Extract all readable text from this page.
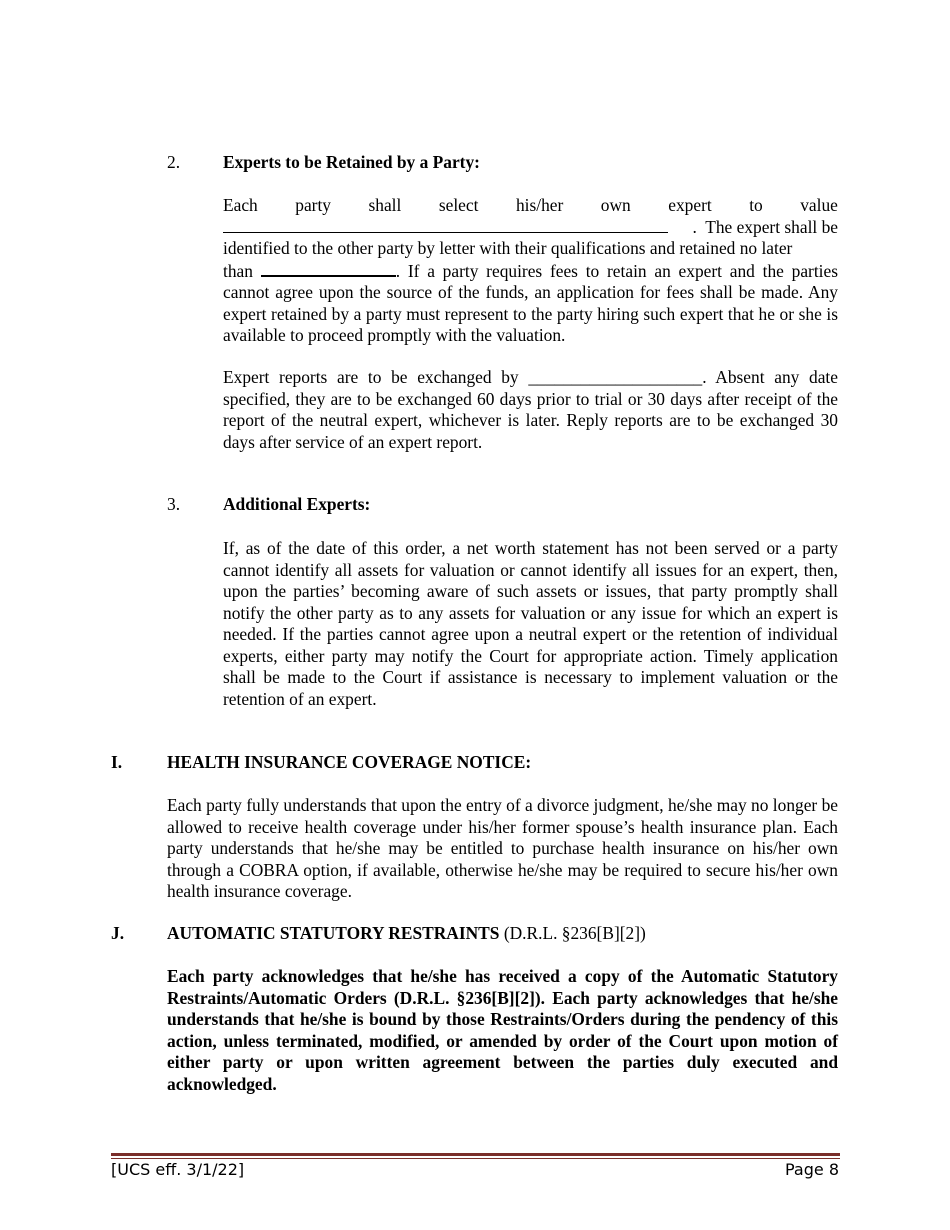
2. Experts to be Retained by a Party:
Each party shall select his/her own expert to value
.  The expert shall be
identified to the other party by letter with their qualifications and retained no later
than	. If a party requires fees to retain an expert and the parties
cannot agree upon the source of the funds, an application for fees shall be made. Any expert retained by a party must represent to the party hiring such expert that he or she is available to proceed promptly with the valuation.
Expert reports are to be exchanged by ____________________. Absent any date
specified, they are to be exchanged 60 days prior to trial or 30 days after receipt of the report of the neutral expert, whichever is later. Reply reports are to be exchanged 30 days after service of an expert report.
3. Additional Experts:
If, as of the date of this order, a net worth statement has not been served or a party cannot identify all assets for valuation or cannot identify all issues for an expert, then, upon the parties’ becoming aware of such assets or issues, that party promptly shall notify the other party as to any assets for valuation or any issue for which an expert is needed. If the parties cannot agree upon a neutral expert or the retention of individual experts, either party may notify the Court for appropriate action. Timely application shall be made to the Court if assistance is necessary to implement valuation or the retention of an expert.
I.	HEALTH INSURANCE COVERAGE NOTICE:
Each party fully understands that upon the entry of a divorce judgment, he/she may no longer be allowed to receive health coverage under his/her former spouse’s health insurance plan. Each party understands that he/she may be entitled to purchase health insurance on his/her own through a COBRA option, if available, otherwise he/she may be required to secure his/her own health insurance coverage.
J. AUTOMATIC STATUTORY RESTRAINTS (D.R.L. §236[B][2])
Each party acknowledges that he/she has received a copy of the Automatic Statutory Restraints/Automatic Orders (D.R.L. §236[B][2]). Each party acknowledges that he/she understands that he/she is bound by those Restraints/Orders during the pendency of this action, unless terminated, modified, or amended by order of the Court upon motion of either party or upon written agreement between the parties duly executed and acknowledged.
[UCS eff. 3/1/22]	Page 8
